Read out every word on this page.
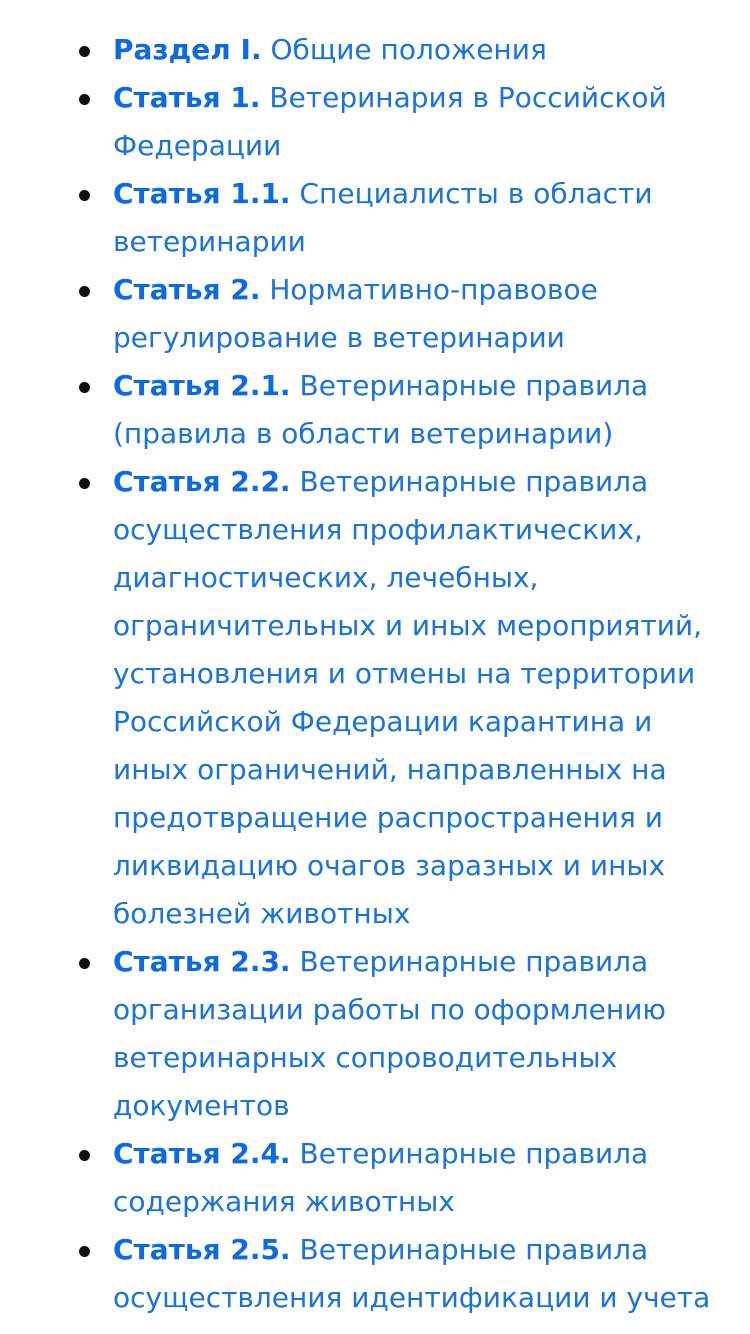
Раздел I. Общие положения
Статья 1. Ветеринария в Российской Федерации
Статья 1.1. Специалисты в области ветеринарии
Статья 2. Нормативно-правовое регулирование в ветеринарии
Статья 2.1. Ветеринарные правила (правила в области ветеринарии)
Статья 2.2. Ветеринарные правила осуществления профилактических, диагностических, лечебных, ограничительных и иных мероприятий, установления и отмены на территории Российской Федерации карантина и иных ограничений, направленных на предотвращение распространения и ликвидацию очагов заразных и иных болезней животных
Статья 2.3. Ветеринарные правила организации работы по оформлению ветеринарных сопроводительных документов
Статья 2.4. Ветеринарные правила содержания животных
Статья 2.5. Ветеринарные правила осуществления идентификации и учета
